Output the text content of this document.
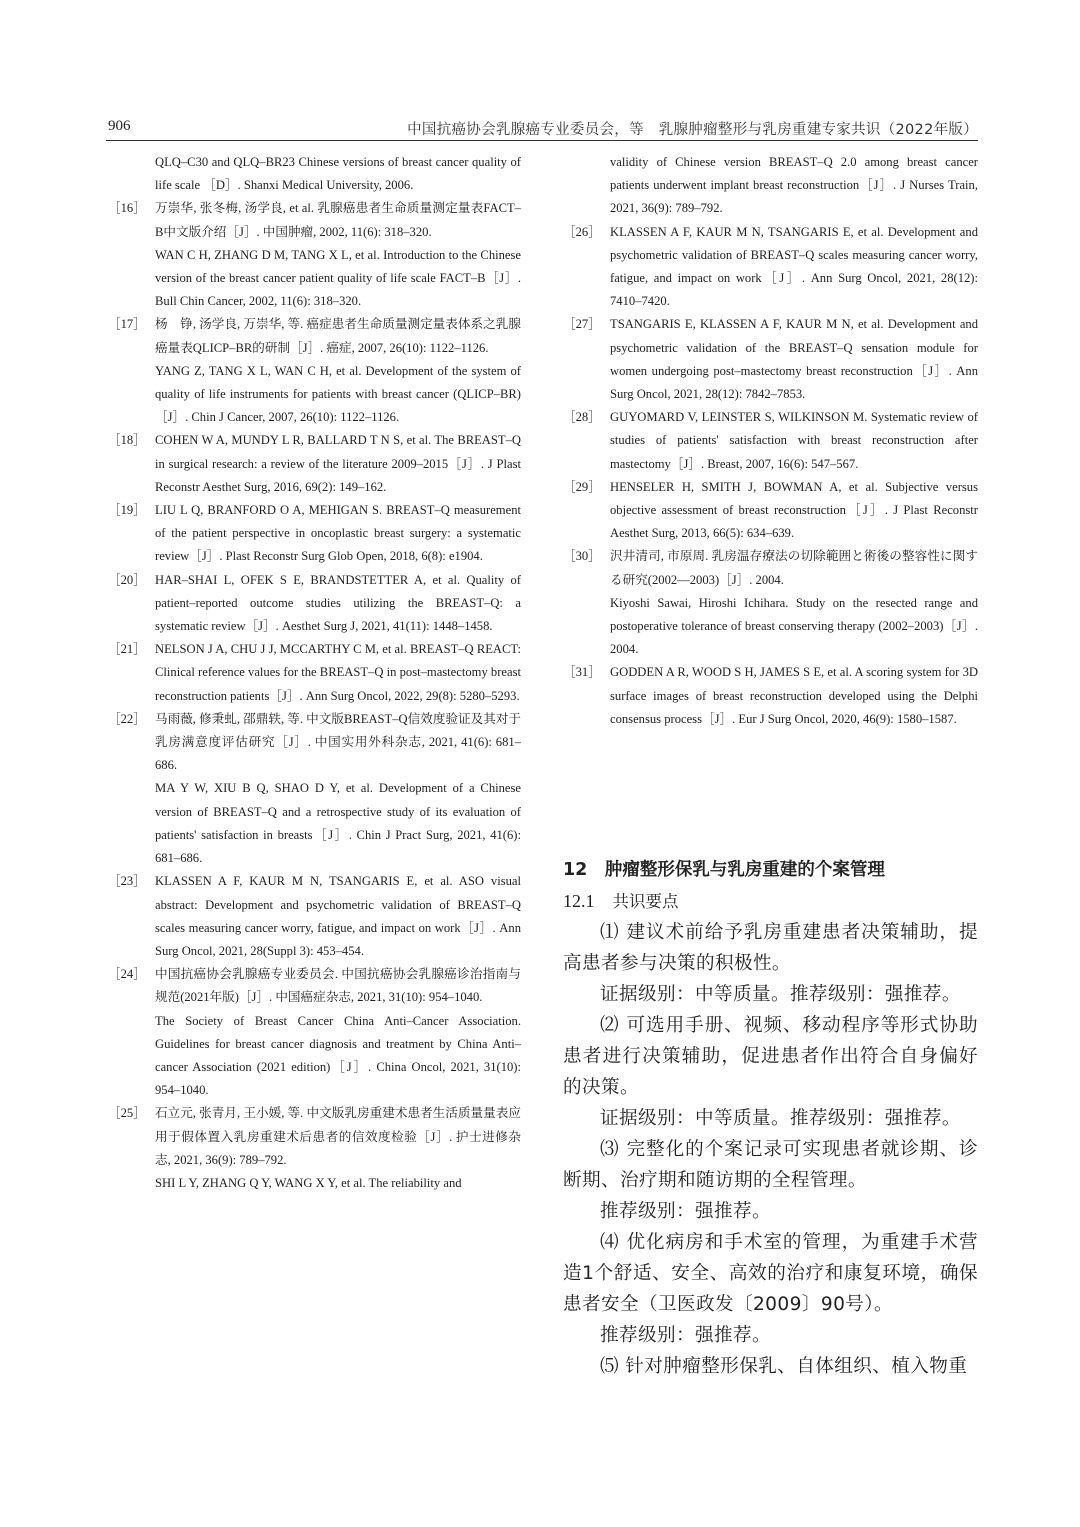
906	中国抗癌协会乳腺癌专业委员会，等　乳腺肿瘤整形与乳房重建专家共识（2022年版）

QLQ–C30 and QLQ–BR23 Chinese versions of breast cancer quality of life scale ［D］. Shanxi Medical University, 2006.

［16］ 万崇华, 张冬梅, 汤学良, et al. 乳腺癌患者生命质量测定量表FACT–B中文版介绍［J］. 中国肿瘤, 2002, 11(6): 318–320.

WAN C H, ZHANG D M, TANG X L, et al. Introduction to the Chinese version of the breast cancer patient quality of life scale FACT–B［J］. Bull Chin Cancer, 2002, 11(6): 318–320.

［17］ 杨　铮, 汤学良, 万崇华, 等. 癌症患者生命质量测定量表体系之乳腺癌量表QLICP–BR的研制［J］. 癌症, 2007, 26(10): 1122–1126.

YANG Z, TANG X L, WAN C H, et al. Development of the system of quality of life instruments for patients with breast cancer (QLICP–BR)［J］. Chin J Cancer, 2007, 26(10): 1122–1126.

［18］ COHEN W A, MUNDY L R, BALLARD T N S, et al. The BREAST–Q in surgical research: a review of the literature 2009–2015［J］. J Plast Reconstr Aesthet Surg, 2016, 69(2): 149–162.

［19］ LIU L Q, BRANFORD O A, MEHIGAN S. BREAST–Q measurement of the patient perspective in oncoplastic breast surgery: a systematic review［J］. Plast Reconstr Surg Glob Open, 2018, 6(8): e1904.

［20］ HAR–SHAI L, OFEK S E, BRANDSTETTER A, et al. Quality of patient–reported outcome studies utilizing the BREAST–Q: a systematic review［J］. Aesthet Surg J, 2021, 41(11): 1448–1458.

［21］ NELSON J A, CHU J J, MCCARTHY C M, et al. BREAST–Q REACT: Clinical reference values for the BREAST–Q in post–mastectomy breast reconstruction patients［J］. Ann Surg Oncol, 2022, 29(8): 5280–5293.

［22］ 马雨薇, 修秉虬, 邵鼎轶, 等. 中文版BREAST–Q信效度验证及其对于乳房满意度评估研究［J］. 中国实用外科杂志, 2021, 41(6): 681–686.

MA Y W, XIU B Q, SHAO D Y, et al. Development of a Chinese version of BREAST–Q and a retrospective study of its evaluation of patients' satisfaction in breasts［J］. Chin J Pract Surg, 2021, 41(6): 681–686.

［23］ KLASSEN A F, KAUR M N, TSANGARIS E, et al. ASO visual abstract: Development and psychometric validation of BREAST–Q scales measuring cancer worry, fatigue, and impact on work［J］. Ann Surg Oncol, 2021, 28(Suppl 3): 453–454.

［24］ 中国抗癌协会乳腺癌专业委员会. 中国抗癌协会乳腺癌诊治指南与规范(2021年版)［J］. 中国癌症杂志, 2021, 31(10): 954–1040.

The Society of Breast Cancer China Anti–Cancer Association. Guidelines for breast cancer diagnosis and treatment by China Anti–cancer Association (2021 edition)［J］. China Oncol, 2021, 31(10): 954–1040.

［25］ 石立元, 张青月, 王小媛, 等. 中文版乳房重建术患者生活质量量表应用于假体置入乳房重建术后患者的信效度检验［J］. 护士进修杂志, 2021, 36(9): 789–792.

SHI L Y, ZHANG Q Y, WANG X Y, et al. The reliability and

validity of Chinese version BREAST–Q 2.0 among breast cancer patients underwent implant breast reconstruction［J］. J Nurses Train, 2021, 36(9): 789–792.

［26］ KLASSEN A F, KAUR M N, TSANGARIS E, et al. Development and psychometric validation of BREAST–Q scales measuring cancer worry, fatigue, and impact on work［J］. Ann Surg Oncol, 2021, 28(12): 7410–7420.

［27］ TSANGARIS E, KLASSEN A F, KAUR M N, et al. Development and psychometric validation of the BREAST–Q sensation module for women undergoing post–mastectomy breast reconstruction［J］. Ann Surg Oncol, 2021, 28(12): 7842–7853.

［28］ GUYOMARD V, LEINSTER S, WILKINSON M. Systematic review of studies of patients' satisfaction with breast reconstruction after mastectomy［J］. Breast, 2007, 16(6): 547–567.

［29］ HENSELER H, SMITH J, BOWMAN A, et al. Subjective versus objective assessment of breast reconstruction［J］. J Plast Reconstr Aesthet Surg, 2013, 66(5): 634–639.

［30］ 沢井清司, 市原周. 乳房温存療法の切除範囲と術後の整容性に関する研究(2002—2003)［J］. 2004.

Kiyoshi Sawai, Hiroshi Ichihara. Study on the resected range and postoperative tolerance of breast conserving therapy (2002–2003)［J］. 2004.

［31］ GODDEN A R, WOOD S H, JAMES S E, et al. A scoring system for 3D surface images of breast reconstruction developed using the Delphi consensus process［J］. Eur J Surg Oncol, 2020, 46(9): 1580–1587.

12　肿瘤整形保乳与乳房重建的个案管理
12.1 共识要点

⑴ 建议术前给予乳房重建患者决策辅助，提高患者参与决策的积极性。

证据级别：中等质量。推荐级别：强推荐。

⑵ 可选用手册、视频、移动程序等形式协助患者进行决策辅助，促进患者作出符合自身偏好的决策。

证据级别：中等质量。推荐级别：强推荐。

⑶ 完整化的个案记录可实现患者就诊期、诊断期、治疗期和随访期的全程管理。

推荐级别：强推荐。

⑷ 优化病房和手术室的管理，为重建手术营造1个舒适、安全、高效的治疗和康复环境，确保患者安全（卫医政发〔2009〕90号）。

推荐级别：强推荐。

⑸ 针对肿瘤整形保乳、自体组织、植入物重
